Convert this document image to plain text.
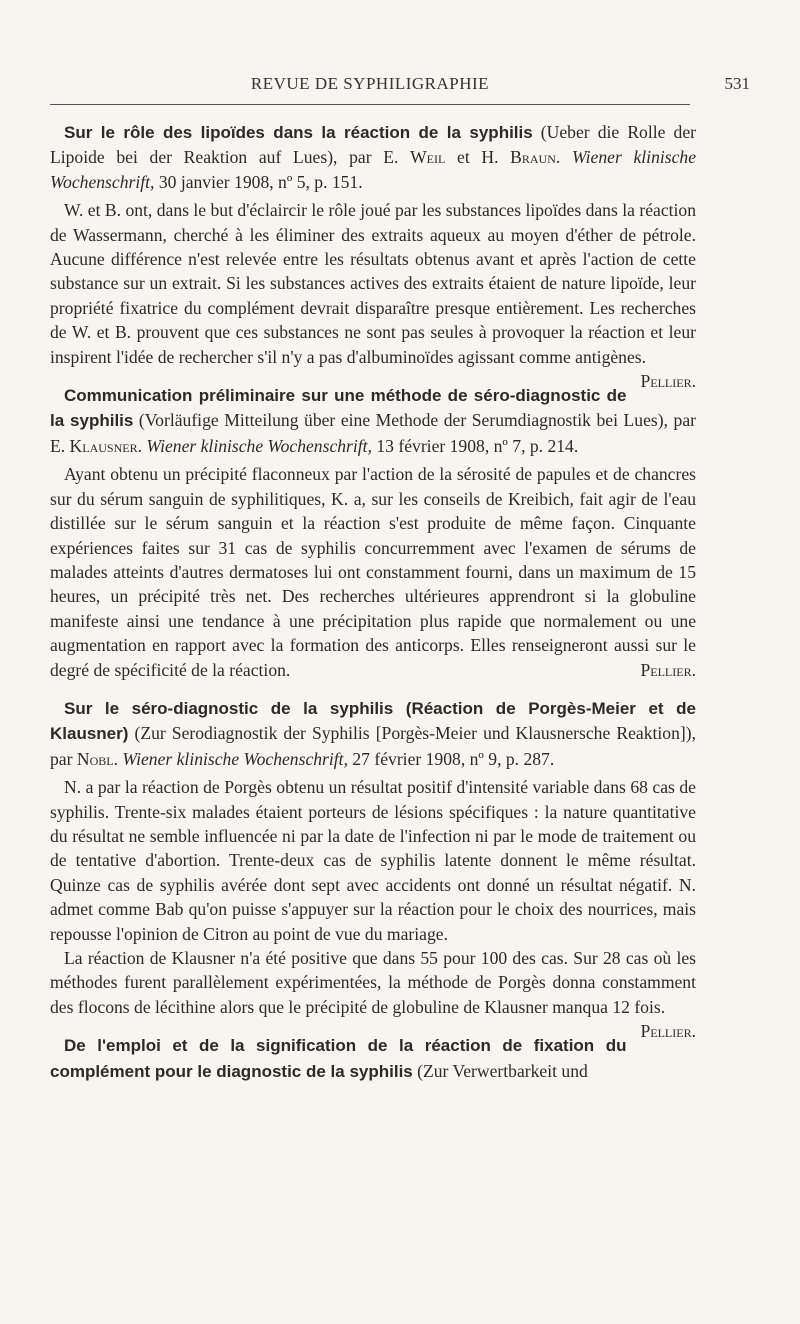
REVUE DE SYPHILIGRAPHIE	531

Sur le rôle des lipoïdes dans la réaction de la syphilis (Ueber die Rolle der Lipoide bei der Reaktion auf Lues), par E. Weil et H. Braun. Wiener klinische Wochenschrift, 30 janvier 1908, nº 5, p. 151.

W. et B. ont, dans le but d'éclaircir le rôle joué par les substances lipoïdes dans la réaction de Wassermann, cherché à les éliminer des extraits aqueux au moyen d'éther de pétrole. Aucune différence n'est relevée entre les résultats obtenus avant et après l'action de cette substance sur un extrait. Si les substances actives des extraits étaient de nature lipoïde, leur propriété fixatrice du complément devrait disparaître presque entièrement. Les recherches de W. et B. prouvent que ces substances ne sont pas seules à provoquer la réaction et leur inspirent l'idée de rechercher s'il n'y a pas d'albuminoïdes agissant comme antigènes.
Pellier.

Communication préliminaire sur une méthode de séro-diagnostic de la syphilis (Vorläufige Mitteilung über eine Methode der Serumdiagnostik bei Lues), par E. Klausner. Wiener klinische Wochenschrift, 13 février 1908, nº 7, p. 214.

Ayant obtenu un précipité flaconneux par l'action de la sérosité de papules et de chancres sur du sérum sanguin de syphilitiques, K. a, sur les conseils de Kreibich, fait agir de l'eau distillée sur le sérum sanguin et la réaction s'est produite de même façon. Cinquante expériences faites sur 31 cas de syphilis concurremment avec l'examen de sérums de malades atteints d'autres dermatoses lui ont constamment fourni, dans un maximum de 15 heures, un précipité très net. Des recherches ultérieures apprendront si la globuline manifeste ainsi une tendance à une précipitation plus rapide que normalement ou une augmentation en rapport avec la formation des anticorps. Elles renseigneront aussi sur le degré de spécificité de la réaction.	Pellier.

Sur le séro-diagnostic de la syphilis (Réaction de Porgès-Meier et de Klausner) (Zur Serodiagnostik der Syphilis [Porgès-Meier und Klausnersche Reaktion]), par Nobl. Wiener klinische Wochenschrift, 27 février 1908, nº 9, p. 287.

N. a par la réaction de Porgès obtenu un résultat positif d'intensité variable dans 68 cas de syphilis. Trente-six malades étaient porteurs de lésions spécifiques : la nature quantitative du résultat ne semble influencée ni par la date de l'infection ni par le mode de traitement ou de tentative d'abortion. Trente-deux cas de syphilis latente donnent le même résultat. Quinze cas de syphilis avérée dont sept avec accidents ont donné un résultat négatif. N. admet comme Bab qu'on puisse s'appuyer sur la réaction pour le choix des nourrices, mais repousse l'opinion de Citron au point de vue du mariage.

La réaction de Klausner n'a été positive que dans 55 pour 100 des cas. Sur 28 cas où les méthodes furent parallèlement expérimentées, la méthode de Porgès donna constamment des flocons de lécithine alors que le précipité de globuline de Klausner manqua 12 fois.
Pellier.

De l'emploi et de la signification de la réaction de fixation du complément pour le diagnostic de la syphilis (Zur Verwertbarkeit und
